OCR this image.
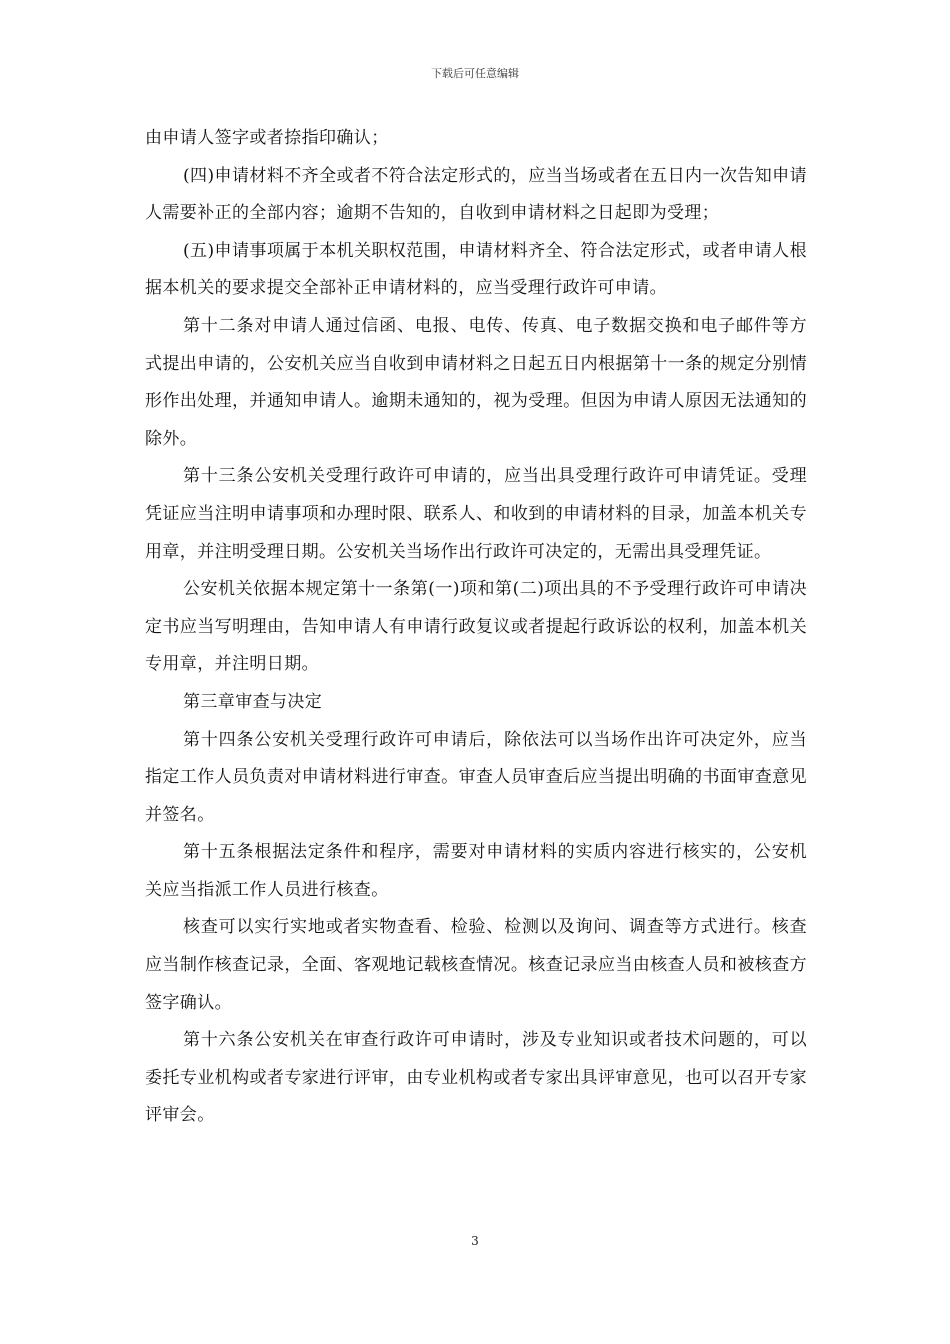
下载后可任意编辑

由申请人签字或者捺指印确认；

(四)申请材料不齐全或者不符合法定形式的，应当当场或者在五日内一次告知申请人需要补正的全部内容；逾期不告知的，自收到申请材料之日起即为受理；

(五)申请事项属于本机关职权范围，申请材料齐全、符合法定形式，或者申请人根据本机关的要求提交全部补正申请材料的，应当受理行政许可申请。

第十二条对申请人通过信函、电报、电传、传真、电子数据交换和电子邮件等方式提出申请的，公安机关应当自收到申请材料之日起五日内根据第十一条的规定分别情形作出处理，并通知申请人。逾期未通知的，视为受理。但因为申请人原因无法通知的除外。

第十三条公安机关受理行政许可申请的，应当出具受理行政许可申请凭证。受理凭证应当注明申请事项和办理时限、联系人、和收到的申请材料的目录，加盖本机关专用章，并注明受理日期。公安机关当场作出行政许可决定的，无需出具受理凭证。

公安机关依据本规定第十一条第(一)项和第(二)项出具的不予受理行政许可申请决定书应当写明理由，告知申请人有申请行政复议或者提起行政诉讼的权利，加盖本机关专用章，并注明日期。

第三章审查与决定

第十四条公安机关受理行政许可申请后，除依法可以当场作出许可决定外，应当指定工作人员负责对申请材料进行审查。审查人员审查后应当提出明确的书面审查意见并签名。

第十五条根据法定条件和程序，需要对申请材料的实质内容进行核实的，公安机关应当指派工作人员进行核查。

核查可以实行实地或者实物查看、检验、检测以及询问、调查等方式进行。核查应当制作核查记录，全面、客观地记载核查情况。核查记录应当由核查人员和被核查方签字确认。

第十六条公安机关在审查行政许可申请时，涉及专业知识或者技术问题的，可以委托专业机构或者专家进行评审，由专业机构或者专家出具评审意见，也可以召开专家评审会。

3
